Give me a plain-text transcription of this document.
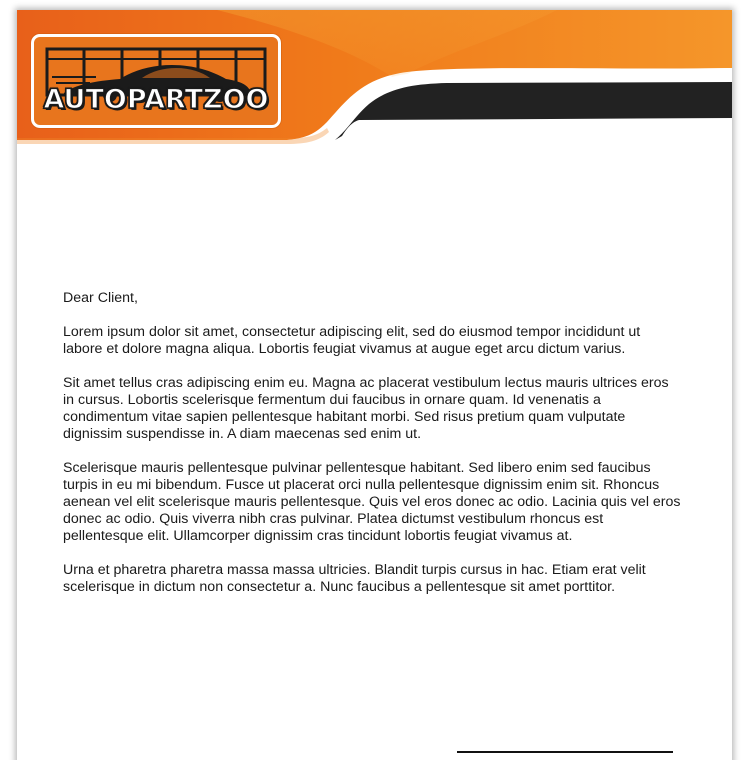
AUTOPARTZOO

Dear Client,

Lorem ipsum dolor sit amet, consectetur adipiscing elit, sed do eiusmod tempor incididunt ut labore et dolore magna aliqua. Lobortis feugiat vivamus at augue eget arcu dictum varius.

Sit amet tellus cras adipiscing enim eu. Magna ac placerat vestibulum lectus mauris ultrices eros in cursus. Lobortis scelerisque fermentum dui faucibus in ornare quam. Id venenatis a condimentum vitae sapien pellentesque habitant morbi. Sed risus pretium quam vulputate dignissim suspendisse in. A diam maecenas sed enim ut.

Scelerisque mauris pellentesque pulvinar pellentesque habitant. Sed libero enim sed faucibus turpis in eu mi bibendum. Fusce ut placerat orci nulla pellentesque dignissim enim sit. Rhoncus aenean vel elit scelerisque mauris pellentesque. Quis vel eros donec ac odio. Lacinia quis vel eros donec ac odio. Quis viverra nibh cras pulvinar. Platea dictumst vestibulum rhoncus est pellentesque elit. Ullamcorper dignissim cras tincidunt lobortis feugiat vivamus at.

Urna et pharetra pharetra massa massa ultricies. Blandit turpis cursus in hac. Etiam erat velit scelerisque in dictum non consectetur a. Nunc faucibus a pellentesque sit amet porttitor.
